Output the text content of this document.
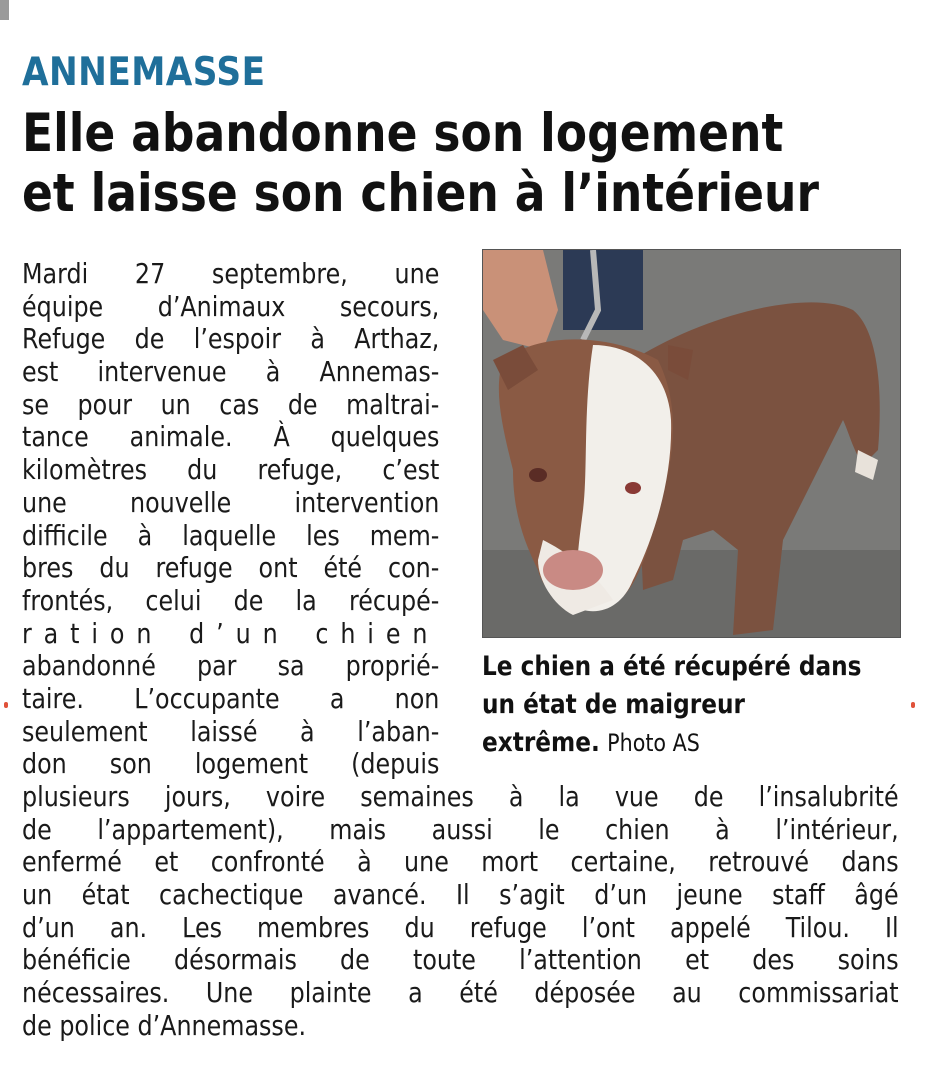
ANNEMASSE
Elle abandonne son logement
et laisse son chien à l’intérieur
Le chien a été récupéré dans
un état de maigreur
extrême. Photo AS
Mardi 27 septembre, une
équipe d’Animaux secours,
Refuge de l’espoir à Arthaz,
est intervenue à Annemas-
se pour un cas de maltrai-
tance animale. À quelques
kilomètres du refuge, c’est
une nouvelle intervention
difficile à laquelle les mem-
bres du refuge ont été con-
frontés, celui de la récupé-
ration d’un chien
abandonné par sa proprié-
taire. L’occupante a non
seulement laissé à l’aban-
don son logement (depuis
plusieurs jours, voire semaines à la vue de l’insalubrité
de l’appartement), mais aussi le chien à l’intérieur,
enfermé et confronté à une mort certaine, retrouvé dans
un état cachectique avancé. Il s’agit d’un jeune staff âgé
d’un an. Les membres du refuge l’ont appelé Tilou. Il
bénéficie désormais de toute l’attention et des soins
nécessaires. Une plainte a été déposée au commissariat
de police d’Annemasse.
